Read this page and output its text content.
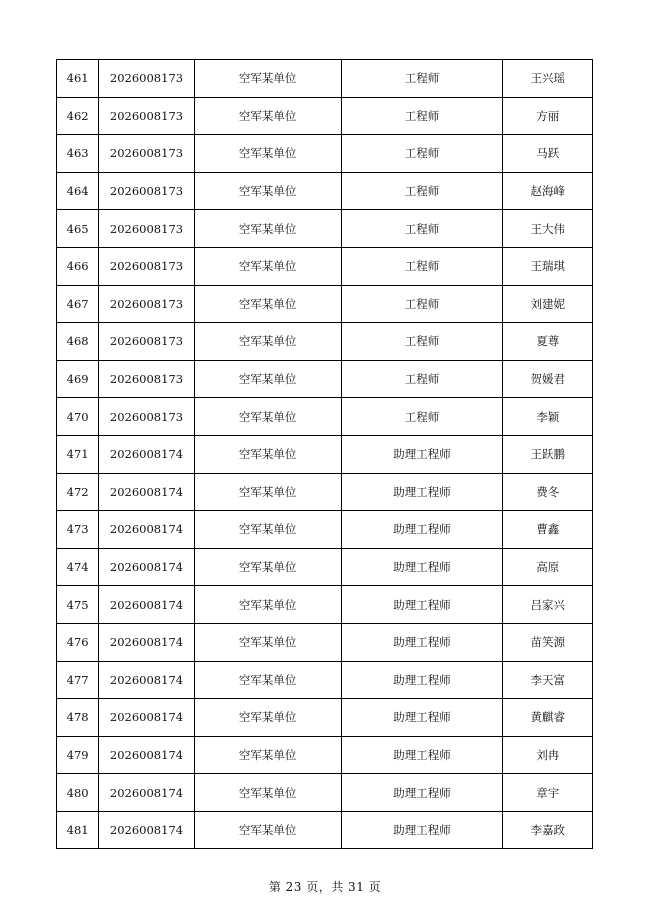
461	2026008173	空军某单位	工程师	王兴瑶
462	2026008173	空军某单位	工程师	方丽
463	2026008173	空军某单位	工程师	马跃
464	2026008173	空军某单位	工程师	赵海峰
465	2026008173	空军某单位	工程师	王大伟
466	2026008173	空军某单位	工程师	王瑞琪
467	2026008173	空军某单位	工程师	刘建妮
468	2026008173	空军某单位	工程师	夏尊
469	2026008173	空军某单位	工程师	贺媛君
470	2026008173	空军某单位	工程师	李颖
471	2026008174	空军某单位	助理工程师	王跃鹏
472	2026008174	空军某单位	助理工程师	费冬
473	2026008174	空军某单位	助理工程师	曹鑫
474	2026008174	空军某单位	助理工程师	高原
475	2026008174	空军某单位	助理工程师	吕家兴
476	2026008174	空军某单位	助理工程师	苗笑源
477	2026008174	空军某单位	助理工程师	李天富
478	2026008174	空军某单位	助理工程师	黄麒睿
479	2026008174	空军某单位	助理工程师	刘冉
480	2026008174	空军某单位	助理工程师	章宇
481	2026008174	空军某单位	助理工程师	李嘉政
第 23 页，共 31 页
